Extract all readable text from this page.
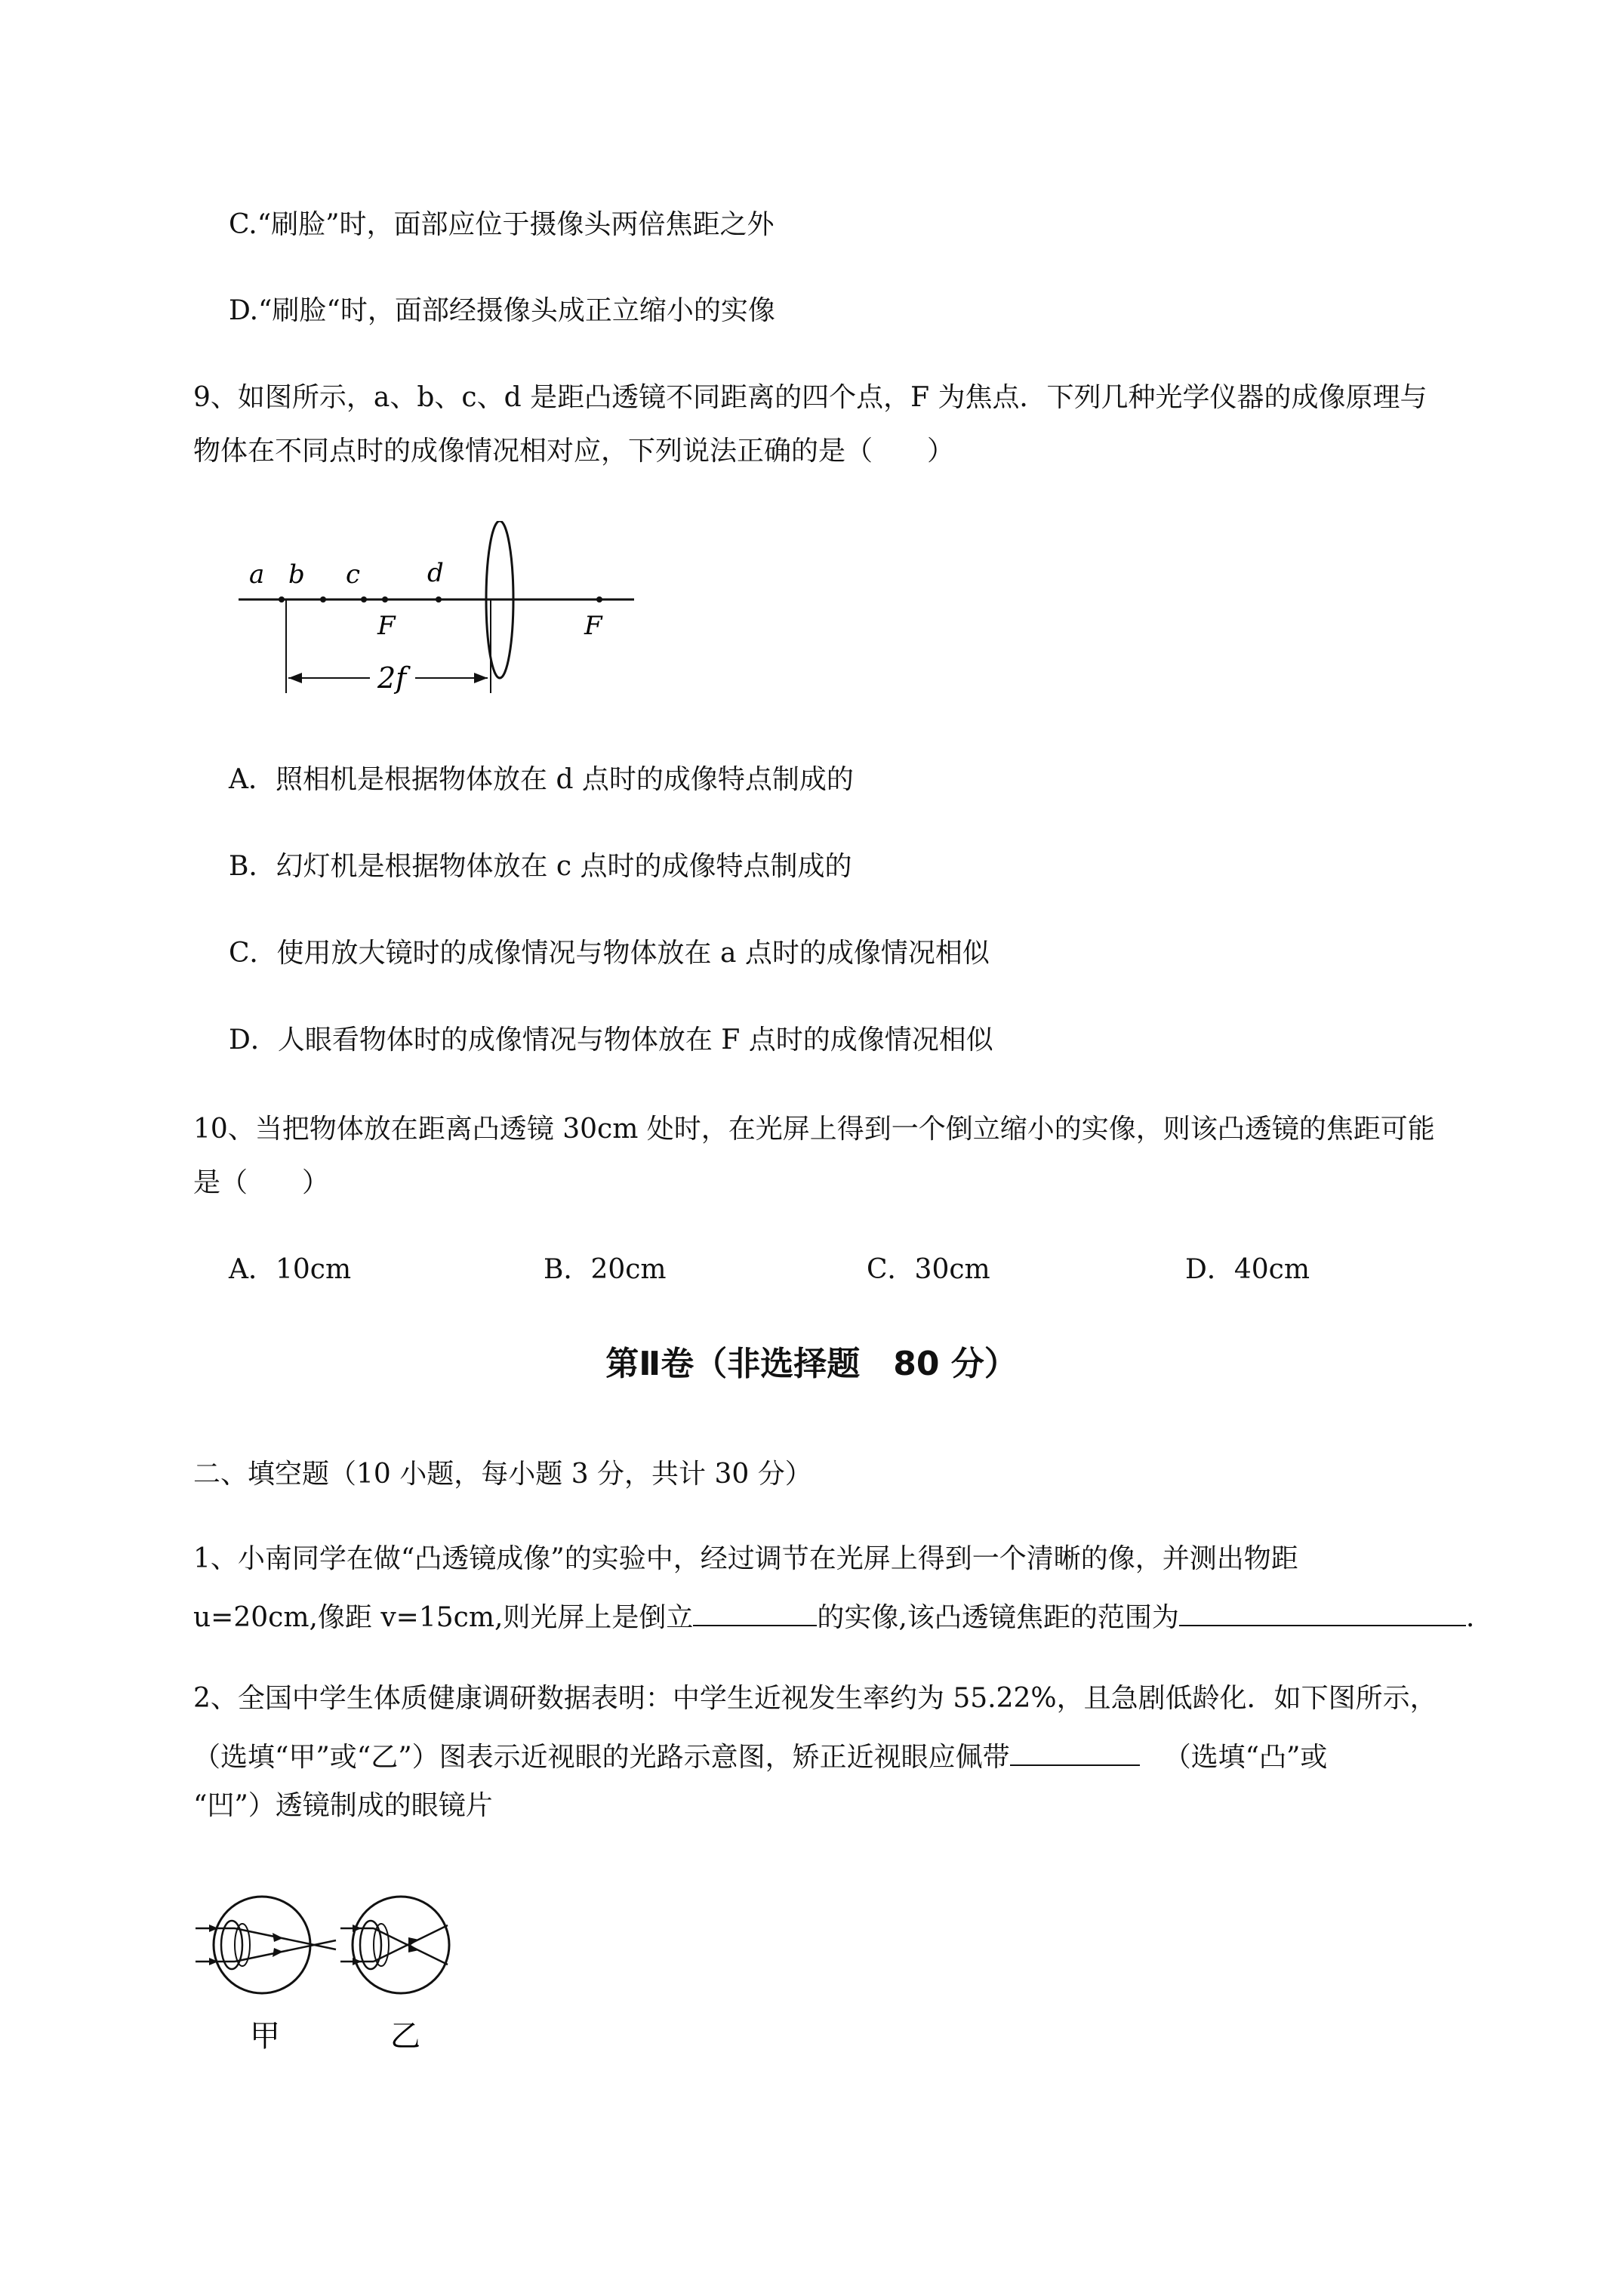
C.“刷脸”时，面部应位于摄像头两倍焦距之外
D.“刷脸“时，面部经摄像头成正立缩小的实像
9、如图所示，a、b、c、d 是距凸透镜不同距离的四个点，F 为焦点．下列几种光学仪器的成像原理与
物体在不同点时的成像情况相对应，下列说法正确的是（　　）
a b c	d
F	F
2f
A．照相机是根据物体放在 d 点时的成像特点制成的
B．幻灯机是根据物体放在 c 点时的成像特点制成的
C．使用放大镜时的成像情况与物体放在 a 点时的成像情况相似
D．人眼看物体时的成像情况与物体放在 F 点时的成像情况相似
10、当把物体放在距离凸透镜 30cm 处时，在光屏上得到一个倒立缩小的实像，则该凸透镜的焦距可能
是（　　）
A．10cm	B．20cm	C．30cm	D．40cm
第Ⅱ卷（非选择题　80 分）
二、填空题（10 小题，每小题 3 分，共计 30 分）
1、小南同学在做“凸透镜成像”的实验中，经过调节在光屏上得到一个清晰的像，并测出物距
u=20cm,像距 v=15cm,则光屏上是倒立	的实像,该凸透镜焦距的范围为	.
2、全国中学生体质健康调研数据表明：中学生近视发生率约为 55.22%，且急剧低龄化．如下图所示，
（选填“甲”或“乙”）图表示近视眼的光路示意图，矫正近视眼应佩带	（选填“凸”或
“凹”）透镜制成的眼镜片
甲	乙
